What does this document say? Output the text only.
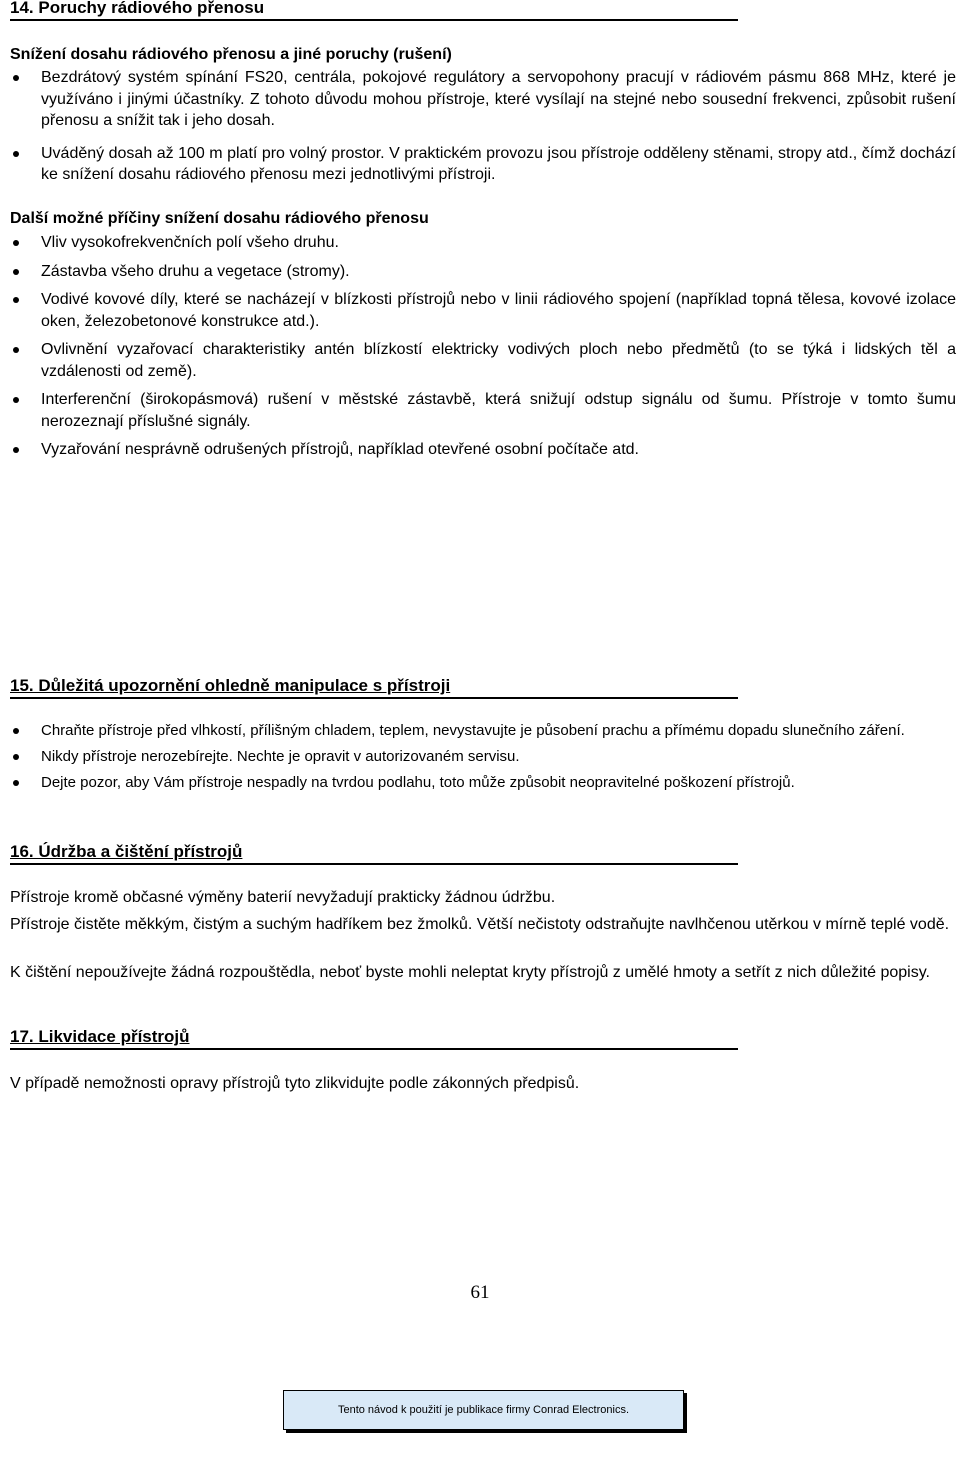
14. Poruchy rádiového přenosu
Snížení dosahu rádiového přenosu a jiné poruchy (rušení)
Bezdrátový systém spínání FS20, centrála, pokojové regulátory a servopohony pracují v rádiovém pásmu 868 MHz, které je využíváno i jinými účastníky. Z tohoto důvodu mohou přístroje, které vysílají na stejné nebo sousední frekvenci, způsobit rušení přenosu a snížit tak i jeho dosah.
Uváděný dosah až 100 m platí pro volný prostor. V praktickém provozu jsou přístroje odděleny stěnami, stropy atd., čímž dochází ke snížení dosahu rádiového přenosu mezi jednotlivými přístroji.
Další možné příčiny snížení dosahu rádiového přenosu
Vliv vysokofrekvenčních polí všeho druhu.
Zástavba všeho druhu a vegetace (stromy).
Vodivé kovové díly, které se nacházejí v blízkosti přístrojů nebo v linii rádiového spojení (například topná tělesa, kovové izolace oken, železobetonové konstrukce atd.).
Ovlivnění vyzařovací charakteristiky antén blízkostí elektricky vodivých ploch nebo předmětů (to se týká i lidských těl a vzdálenosti od země).
Interferenční (širokopásmová) rušení v městské zástavbě, která snižují odstup signálu od šumu. Přístroje v tomto šumu nerozeznají příslušné signály.
Vyzařování nesprávně odrušených přístrojů, například otevřené osobní počítače atd.
15. Důležitá upozornění ohledně manipulace s přístroji
Chraňte přístroje před vlhkostí, přílišným chladem, teplem, nevystavujte je působení prachu a přímému dopadu slunečního záření.
Nikdy přístroje nerozebírejte. Nechte je opravit v autorizovaném servisu.
Dejte pozor, aby Vám přístroje nespadly na tvrdou podlahu, toto může způsobit neopravitelné poškození přístrojů.
16. Údržba a čištění přístrojů

Přístroje kromě občasné výměny baterií nevyžadují prakticky žádnou údržbu.

Přístroje čistěte měkkým, čistým a suchým hadříkem bez žmolků. Větší nečistoty odstraňujte navlhčenou utěrkou v mírně teplé vodě.

K čištění nepoužívejte žádná rozpouštědla, neboť byste mohli neleptat kryty přístrojů z umělé hmoty a setřít z nich důležité popisy.

17. Likvidace přístrojů

V případě nemožnosti opravy přístrojů tyto zlikvidujte podle zákonných předpisů.

61
Tento návod k použití je publikace firmy Conrad Electronics.
